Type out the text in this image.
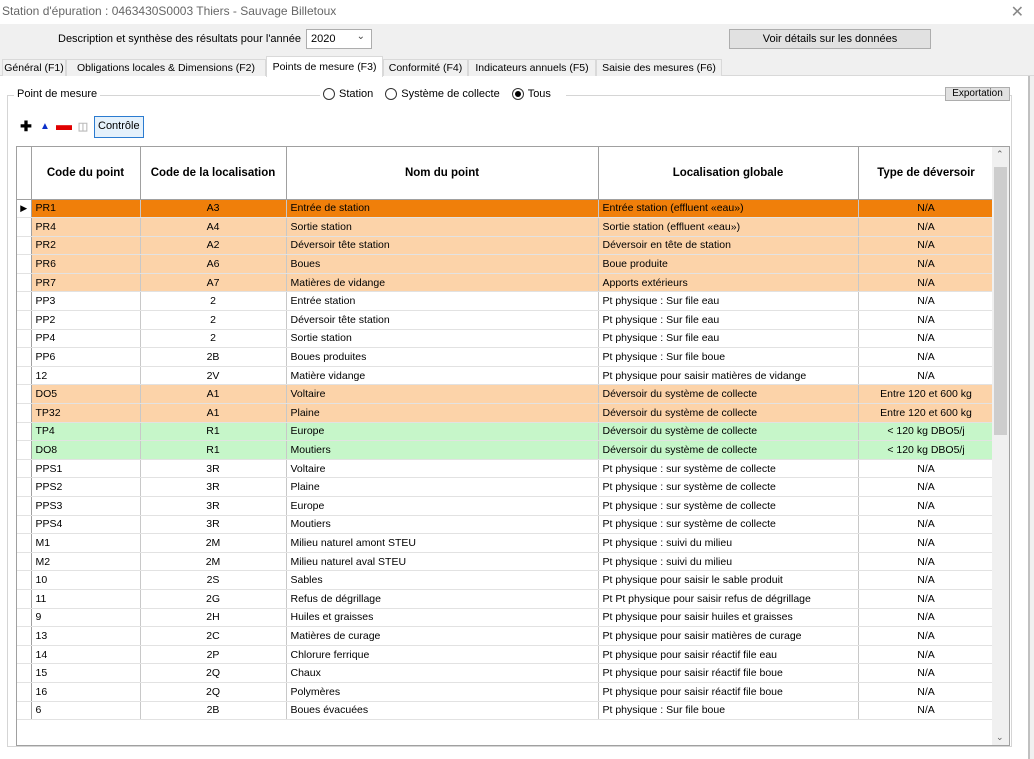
Station d'épuration : 0463430S0003 Thiers - Sauvage Billetoux	✕
Description et synthèse des résultats pour l'année 2020 ⌄	Voir détails sur les données
Général (F1)	Obligations locales & Dimensions (F2)	Points de mesure (F3)	Conformité (F4)	Indicateurs annuels (F5)	Saisie des mesures (F6)
Point de mesure	Station	Système de collecte	Tous	Exportation
✚ ▲ ▬ ◫ Contrôle
	Code du point	Code de la localisation	Nom du point	Localisation globale	Type de déversoir
▶	PR1	A3	Entrée de station	Entrée station (effluent «eau»)	N/A
	PR4	A4	Sortie station	Sortie station (effluent «eau»)	N/A
	PR2	A2	Déversoir tête station	Déversoir en tête de station	N/A
	PR6	A6	Boues	Boue produite	N/A
	PR7	A7	Matières de vidange	Apports extérieurs	N/A
	PP3	2	Entrée station	Pt physique : Sur file eau	N/A
	PP2	2	Déversoir tête station	Pt physique : Sur file eau	N/A
	PP4	2	Sortie station	Pt physique : Sur file eau	N/A
	PP6	2B	Boues produites	Pt physique : Sur file boue	N/A
	12	2V	Matière vidange	Pt physique pour saisir matières de vidange	N/A
	DO5	A1	Voltaire	Déversoir du système de collecte	Entre 120 et 600 kg
	TP32	A1	Plaine	Déversoir du système de collecte	Entre 120 et 600 kg
	TP4	R1	Europe	Déversoir du système de collecte	< 120 kg DBO5/j
	DO8	R1	Moutiers	Déversoir du système de collecte	< 120 kg DBO5/j
	PPS1	3R	Voltaire	Pt physique : sur système de collecte	N/A
	PPS2	3R	Plaine	Pt physique : sur système de collecte	N/A
	PPS3	3R	Europe	Pt physique : sur système de collecte	N/A
	PPS4	3R	Moutiers	Pt physique : sur système de collecte	N/A
	M1	2M	Milieu naturel amont STEU	Pt physique : suivi du milieu	N/A
	M2	2M	Milieu naturel aval STEU	Pt physique : suivi du milieu	N/A
	10	2S	Sables	Pt physique pour saisir le sable produit	N/A
	11	2G	Refus de dégrillage	Pt Pt physique pour saisir refus de dégrillage	N/A
	9	2H	Huiles et graisses	Pt physique pour saisir huiles et graisses	N/A
	13	2C	Matières de curage	Pt physique pour saisir matières de curage	N/A
	14	2P	Chlorure ferrique	Pt physique pour saisir réactif file eau	N/A
	15	2Q	Chaux	Pt physique pour saisir réactif file boue	N/A
	16	2Q	Polymères	Pt physique pour saisir réactif file boue	N/A
	6	2B	Boues évacuées	Pt physique : Sur file boue	N/A
⌃
⌄
